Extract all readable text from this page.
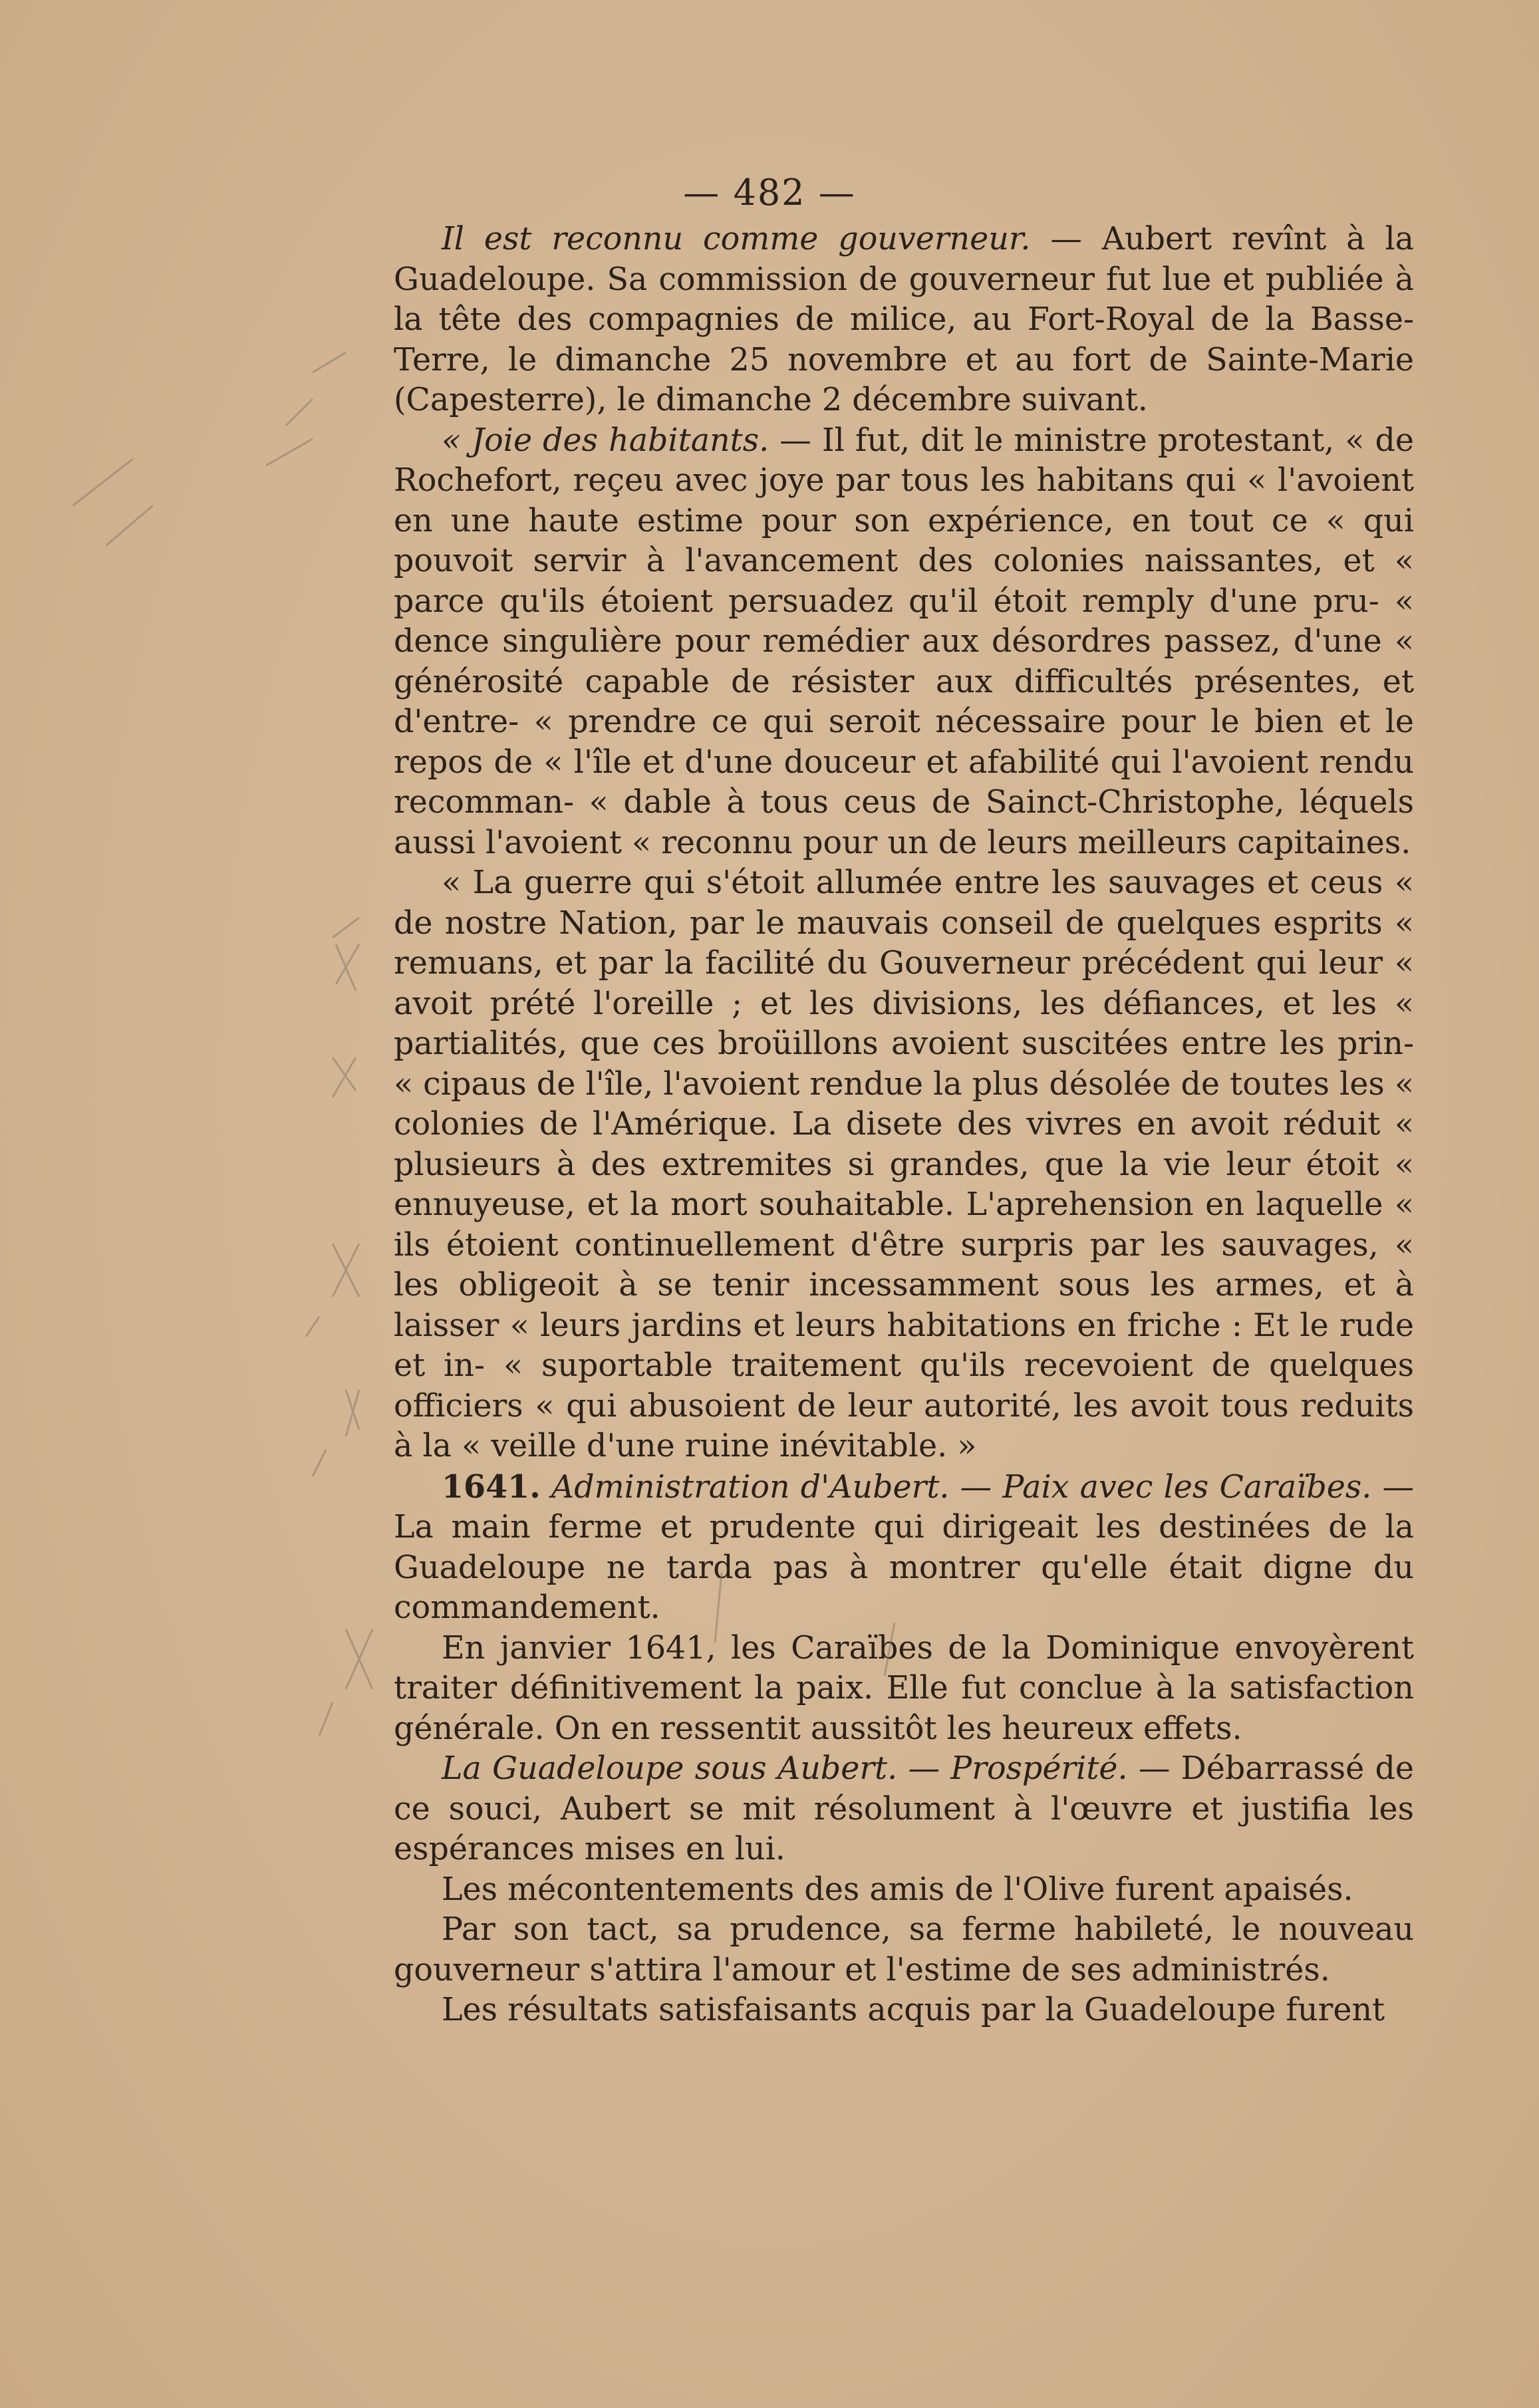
— 482 —

Il est reconnu comme gouverneur. — Aubert revînt à la Guadeloupe. Sa commission de gouverneur fut lue et publiée à la tête des compagnies de milice, au Fort-Royal de la Basse-Terre, le dimanche 25 novembre et au fort de Sainte-Marie (Capesterre), le dimanche 2 décembre suivant.

« Joie des habitants. — Il fut, dit le ministre protestant, « de Rochefort, reçeu avec joye par tous les habitans qui « l'avoient en une haute estime pour son expérience, en tout ce « qui pouvoit servir à l'avancement des colonies naissantes, et « parce qu'ils étoient persuadez qu'il étoit remply d'une pru- « dence singulière pour remédier aux désordres passez, d'une « générosité capable de résister aux difficultés présentes, et d'entre- « prendre ce qui seroit nécessaire pour le bien et le repos de « l'île et d'une douceur et afabilité qui l'avoient rendu recomman- « dable à tous ceus de Sainct-Christophe, léquels aussi l'avoient « reconnu pour un de leurs meilleurs capitaines.

« La guerre qui s'étoit allumée entre les sauvages et ceus « de nostre Nation, par le mauvais conseil de quelques esprits « remuans, et par la facilité du Gouverneur précédent qui leur « avoit prété l'oreille ; et les divisions, les défiances, et les « partialités, que ces broüillons avoient suscitées entre les prin- « cipaus de l'île, l'avoient rendue la plus désolée de toutes les « colonies de l'Amérique. La disete des vivres en avoit réduit « plusieurs à des extremites si grandes, que la vie leur étoit « ennuyeuse, et la mort souhaitable. L'aprehension en laquelle « ils étoient continuellement d'être surpris par les sauvages, « les obligeoit à se tenir incessamment sous les armes, et à laisser « leurs jardins et leurs habitations en friche : Et le rude et in- « suportable traitement qu'ils recevoient de quelques officiers « qui abusoient de leur autorité, les avoit tous reduits à la « veille d'une ruine inévitable. »

1641. Administration d'Aubert. — Paix avec les Caraïbes. — La main ferme et prudente qui dirigeait les destinées de la Guadeloupe ne tarda pas à montrer qu'elle était digne du commandement.

En janvier 1641, les Caraïbes de la Dominique envoyèrent traiter définitivement la paix. Elle fut conclue à la satisfaction générale. On en ressentit aussitôt les heureux effets.

La Guadeloupe sous Aubert. — Prospérité. — Débarrassé de ce souci, Aubert se mit résolument à l'œuvre et justifia les espérances mises en lui.

Les mécontentements des amis de l'Olive furent apaisés.

Par son tact, sa prudence, sa ferme habileté, le nouveau gouverneur s'attira l'amour et l'estime de ses administrés.

Les résultats satisfaisants acquis par la Guadeloupe furent
